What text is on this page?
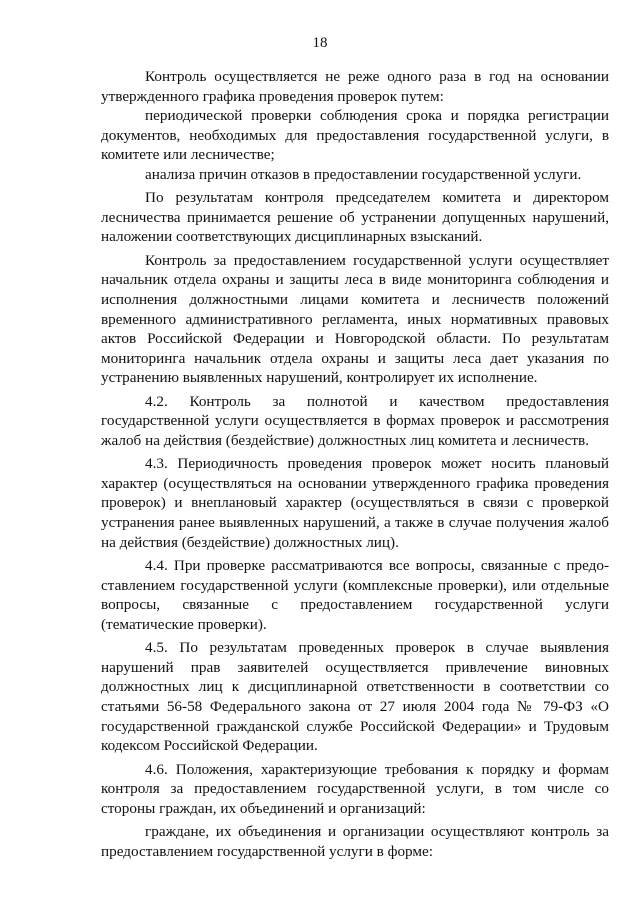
18

Контроль осуществляется не реже одного раза в год на основании утвержденного графика проведения проверок путем:

периодической проверки соблюдения срока и порядка регистрации документов, необходимых для предоставления государственной услуги, в комитете или лесничестве;

анализа причин отказов в предоставлении государственной услуги.

По результатам контроля председателем комитета и директором лесничества принимается решение об устранении допущенных нарушений, наложении соответствующих дисциплинарных взысканий.

Контроль за предоставлением государственной услуги осуществляет начальник отдела охраны и защиты леса в виде мониторинга соблюдения и исполнения должностными лицами комитета и лесничеств положений временного административного регламента, иных нормативных правовых актов Российской Федерации и Новгородской области. По результатам мониторинга начальник отдела охраны и защиты леса дает указания по устранению выявленных нарушений, контролирует их исполнение.

4.2. Контроль за полнотой и качеством предоставления государственной услуги осуществляется в формах проверок и рассмотрения жалоб на действия (бездействие) должностных лиц комитета и лесничеств.

4.3. Периодичность проведения проверок может носить плановый характер (осуществляться на основании утвержденного графика проведения проверок) и внеплановый характер (осуществляться в связи с проверкой устранения ранее выявленных нарушений, а также в случае получения жалоб на действия (бездействие) должностных лиц).

4.4. При проверке рассматриваются все вопросы, связанные с предоставлением государственной услуги (комплексные проверки), или отдельные вопросы, связанные с предоставлением государственной услуги (тематические проверки).

4.5. По результатам проведенных проверок в случае выявления нарушений прав заявителей осуществляется привлечение виновных должностных лиц к дисциплинарной ответственности в соответствии со статьями 56-58 Федерального закона от 27 июля 2004 года № 79-ФЗ «О государственной гражданской службе Российской Федерации» и Трудовым кодексом Российской Федерации.

4.6. Положения, характеризующие требования к порядку и формам контроля за предоставлением государственной услуги, в том числе со стороны граждан, их объединений и организаций:

граждане, их объединения и организации осуществляют контроль за предоставлением государственной услуги в форме:
